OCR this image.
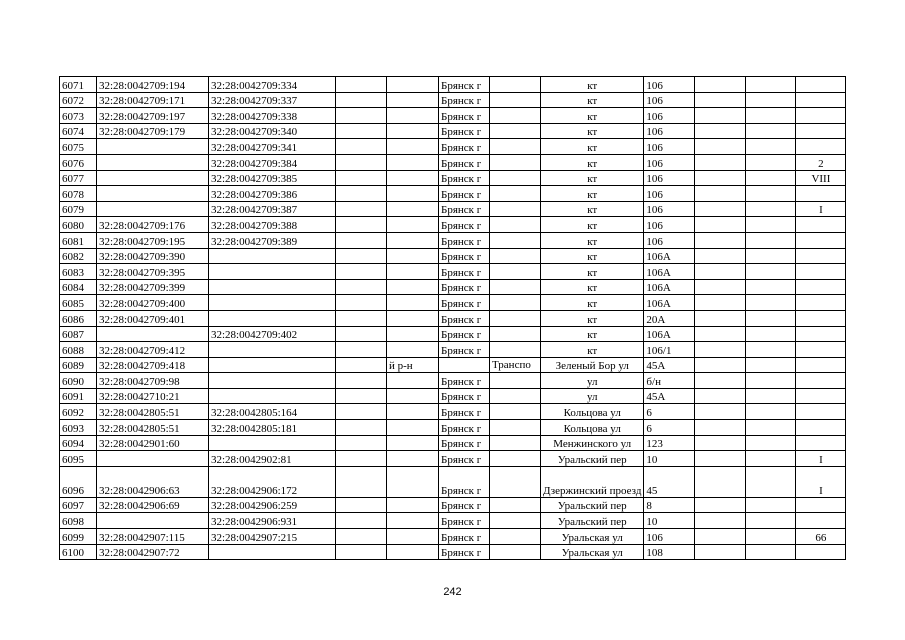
6071	32:28:0042709:194	32:28:0042709:334			Брянск г		кт	106			
6072	32:28:0042709:171	32:28:0042709:337			Брянск г		кт	106			
6073	32:28:0042709:197	32:28:0042709:338			Брянск г		кт	106			
6074	32:28:0042709:179	32:28:0042709:340			Брянск г		кт	106			
6075		32:28:0042709:341			Брянск г		кт	106			
6076		32:28:0042709:384			Брянск г		кт	106			2
6077		32:28:0042709:385			Брянск г		кт	106			VIII
6078		32:28:0042709:386			Брянск г		кт	106			
6079		32:28:0042709:387			Брянск г		кт	106			I
6080	32:28:0042709:176	32:28:0042709:388			Брянск г		кт	106			
6081	32:28:0042709:195	32:28:0042709:389			Брянск г		кт	106			
6082	32:28:0042709:390				Брянск г		кт	106А			
6083	32:28:0042709:395				Брянск г		кт	106А			
6084	32:28:0042709:399				Брянск г		кт	106А			
6085	32:28:0042709:400				Брянск г		кт	106А			
6086	32:28:0042709:401				Брянск г		кт	20А			
6087		32:28:0042709:402			Брянск г		кт	106А			
6088	32:28:0042709:412				Брянск г		кт	106/1			
6089	32:28:0042709:418			й р-н		Транспо	Зеленый Бор ул	45А			
6090	32:28:0042709:98				Брянск г		ул	б/н			
6091	32:28:0042710:21				Брянск г		ул	45А			
6092	32:28:0042805:51	32:28:0042805:164			Брянск г		Кольцова ул	6			
6093	32:28:0042805:51	32:28:0042805:181			Брянск г		Кольцова ул	6			
6094	32:28:0042901:60				Брянск г		Менжинского ул	123			
6095		32:28:0042902:81			Брянск г		Уральский пер	10			I
6096	32:28:0042906:63	32:28:0042906:172			Брянск г		Дзержинский проезд	45			I
6097	32:28:0042906:69	32:28:0042906:259			Брянск г		Уральский пер	8			
6098		32:28:0042906:931			Брянск г		Уральский пер	10			
6099	32:28:0042907:115	32:28:0042907:215			Брянск г		Уральская ул	106			66
6100	32:28:0042907:72				Брянск г		Уральская ул	108			
242
